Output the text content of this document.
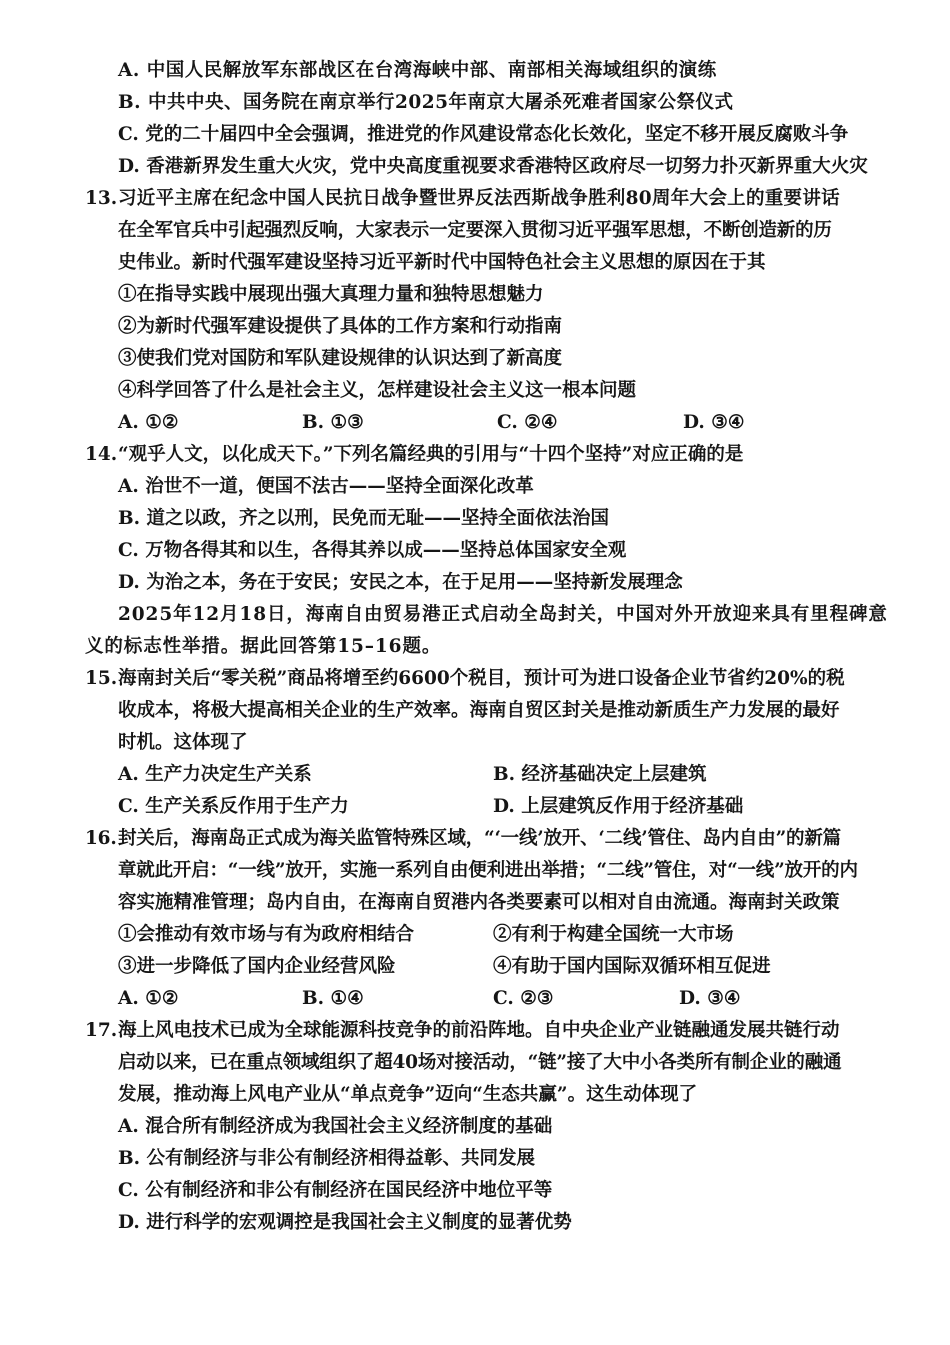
A. 中国人民解放军东部战区在台湾海峡中部、南部相关海域组织的演练
B. 中共中央、国务院在南京举行2025年南京大屠杀死难者国家公祭仪式
C. 党的二十届四中全会强调，推进党的作风建设常态化长效化，坚定不移开展反腐败斗争
D. 香港新界发生重大火灾，党中央高度重视要求香港特区政府尽一切努力扑灭新界重大火灾
13.习近平主席在纪念中国人民抗日战争暨世界反法西斯战争胜利80周年大会上的重要讲话
在全军官兵中引起强烈反响，大家表示一定要深入贯彻习近平强军思想，不断创造新的历
史伟业。新时代强军建设坚持习近平新时代中国特色社会主义思想的原因在于其
①在指导实践中展现出强大真理力量和独特思想魅力
②为新时代强军建设提供了具体的工作方案和行动指南
③使我们党对国防和军队建设规律的认识达到了新高度
④科学回答了什么是社会主义，怎样建设社会主义这一根本问题
A. ①②	B. ①③	C. ②④	D. ③④
14.“观乎人文，以化成天下。”下列名篇经典的引用与“十四个坚持”对应正确的是
A. 治世不一道，便国不法古——坚持全面深化改革
B. 道之以政，齐之以刑，民免而无耻——坚持全面依法治国
C. 万物各得其和以生，各得其养以成——坚持总体国家安全观
D. 为治之本，务在于安民；安民之本，在于足用——坚持新发展理念
2025年12月18日，海南自由贸易港正式启动全岛封关，中国对外开放迎来具有里程碑意
义的标志性举措。据此回答第15–16题。
15.海南封关后“零关税”商品将增至约6600个税目，预计可为进口设备企业节省约20%的税
收成本，将极大提高相关企业的生产效率。海南自贸区封关是推动新质生产力发展的最好
时机。这体现了
A. 生产力决定生产关系	B. 经济基础决定上层建筑
C. 生产关系反作用于生产力	D. 上层建筑反作用于经济基础
16.封关后，海南岛正式成为海关监管特殊区域，“‘一线’放开、‘二线’管住、岛内自由”的新篇
章就此开启：“一线”放开，实施一系列自由便利进出举措；“二线”管住，对“一线”放开的内
容实施精准管理；岛内自由，在海南自贸港内各类要素可以相对自由流通。海南封关政策
①会推动有效市场与有为政府相结合	②有利于构建全国统一大市场
③进一步降低了国内企业经营风险	④有助于国内国际双循环相互促进
A. ①②	B. ①④	C. ②③	D. ③④
17.海上风电技术已成为全球能源科技竞争的前沿阵地。自中央企业产业链融通发展共链行动
启动以来，已在重点领域组织了超40场对接活动，“链”接了大中小各类所有制企业的融通
发展，推动海上风电产业从“单点竞争”迈向“生态共赢”。这生动体现了
A. 混合所有制经济成为我国社会主义经济制度的基础
B. 公有制经济与非公有制经济相得益彰、共同发展
C. 公有制经济和非公有制经济在国民经济中地位平等
D. 进行科学的宏观调控是我国社会主义制度的显著优势
